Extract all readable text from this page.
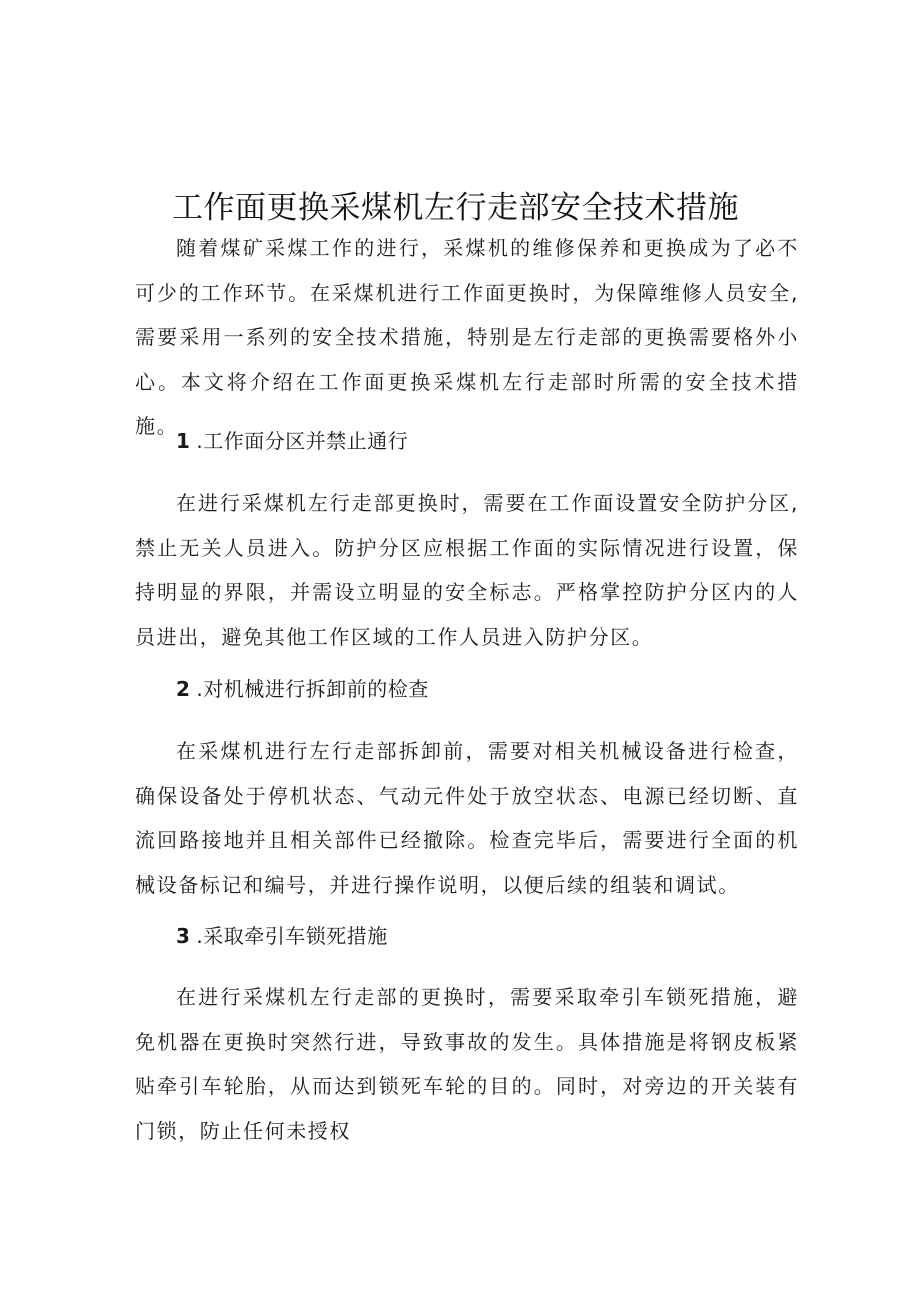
工作面更换采煤机左行走部安全技术措施

随着煤矿采煤工作的进行，采煤机的维修保养和更换成为了必不可少的工作环节。在采煤机进行工作面更换时，为保障维修人员安全,需要采用一系列的安全技术措施，特别是左行走部的更换需要格外小心。本文将介绍在工作面更换采煤机左行走部时所需的安全技术措施。

1 .工作面分区并禁止通行

在进行采煤机左行走部更换时，需要在工作面设置安全防护分区,禁止无关人员进入。防护分区应根据工作面的实际情况进行设置，保持明显的界限，并需设立明显的安全标志。严格掌控防护分区内的人员进出，避免其他工作区域的工作人员进入防护分区。

2 .对机械进行拆卸前的检查

在采煤机进行左行走部拆卸前，需要对相关机械设备进行检查，确保设备处于停机状态、气动元件处于放空状态、电源已经切断、直流回路接地并且相关部件已经撤除。检查完毕后，需要进行全面的机械设备标记和编号，并进行操作说明，以便后续的组装和调试。

3 .采取牵引车锁死措施

在进行采煤机左行走部的更换时，需要采取牵引车锁死措施，避免机器在更换时突然行进，导致事故的发生。具体措施是将钢皮板紧贴牵引车轮胎，从而达到锁死车轮的目的。同时，对旁边的开关装有门锁，防止任何未授权
